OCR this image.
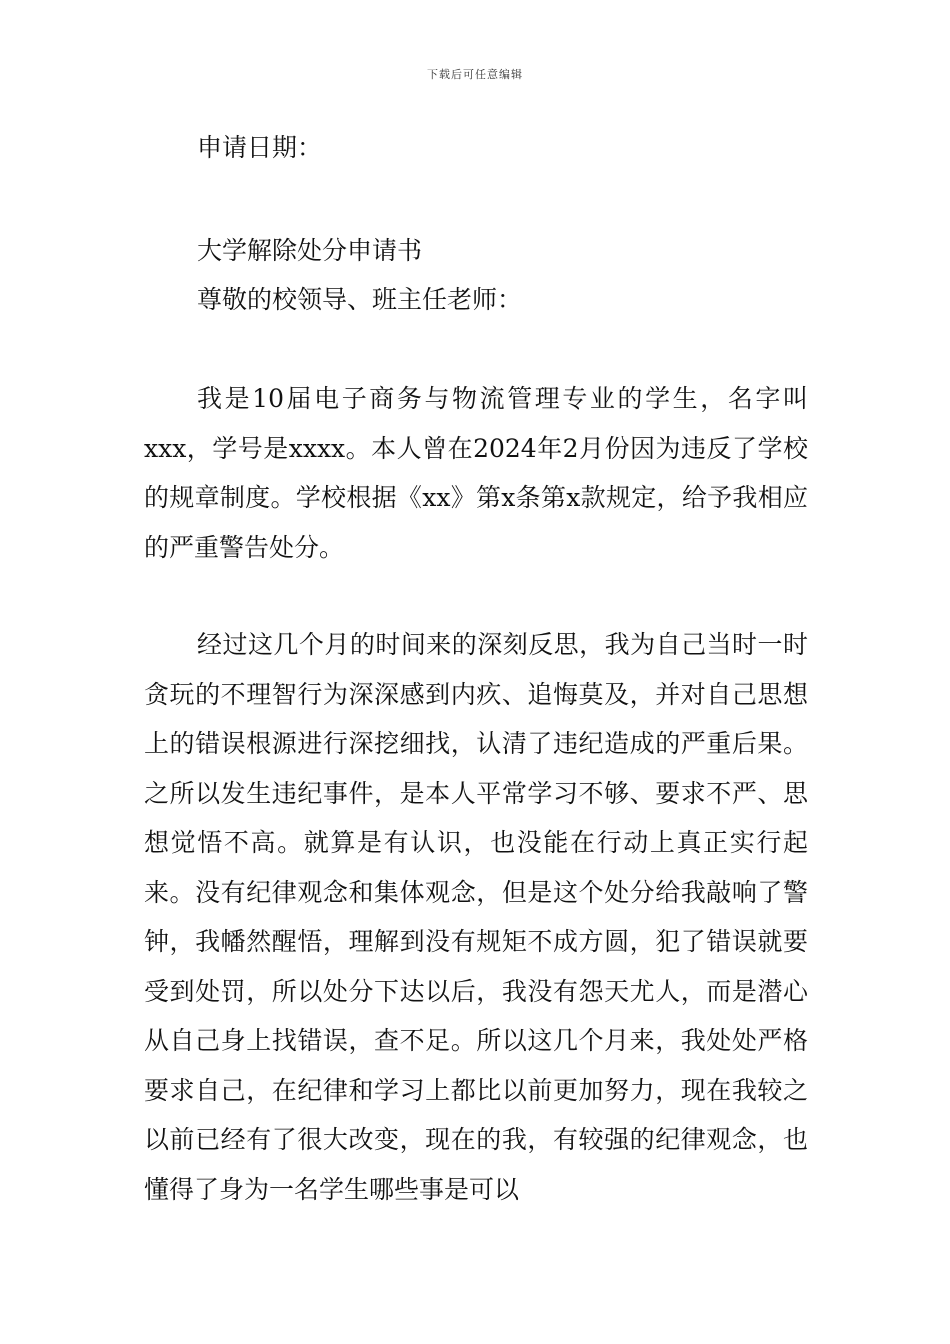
下载后可任意编辑
申请日期：
大学解除处分申请书
尊敬的校领导、班主任老师：

我是10届电子商务与物流管理专业的学生，名字叫xxx，学号是xxxx。本人曾在2024年2月份因为违反了学校的规章制度。学校根据《xx》第x条第x款规定，给予我相应的严重警告处分。

经过这几个月的时间来的深刻反思，我为自己当时一时贪玩的不理智行为深深感到内疚、追悔莫及，并对自己思想上的错误根源进行深挖细找，认清了违纪造成的严重后果。之所以发生违纪事件，是本人平常学习不够、要求不严、思想觉悟不高。就算是有认识，也没能在行动上真正实行起来。没有纪律观念和集体观念，但是这个处分给我敲响了警钟，我幡然醒悟，理解到没有规矩不成方圆，犯了错误就要受到处罚，所以处分下达以后，我没有怨天尤人，而是潜心从自己身上找错误，查不足。所以这几个月来，我处处严格要求自己，在纪律和学习上都比以前更加努力，现在我较之以前已经有了很大改变，现在的我，有较强的纪律观念，也懂得了身为一名学生哪些事是可以
